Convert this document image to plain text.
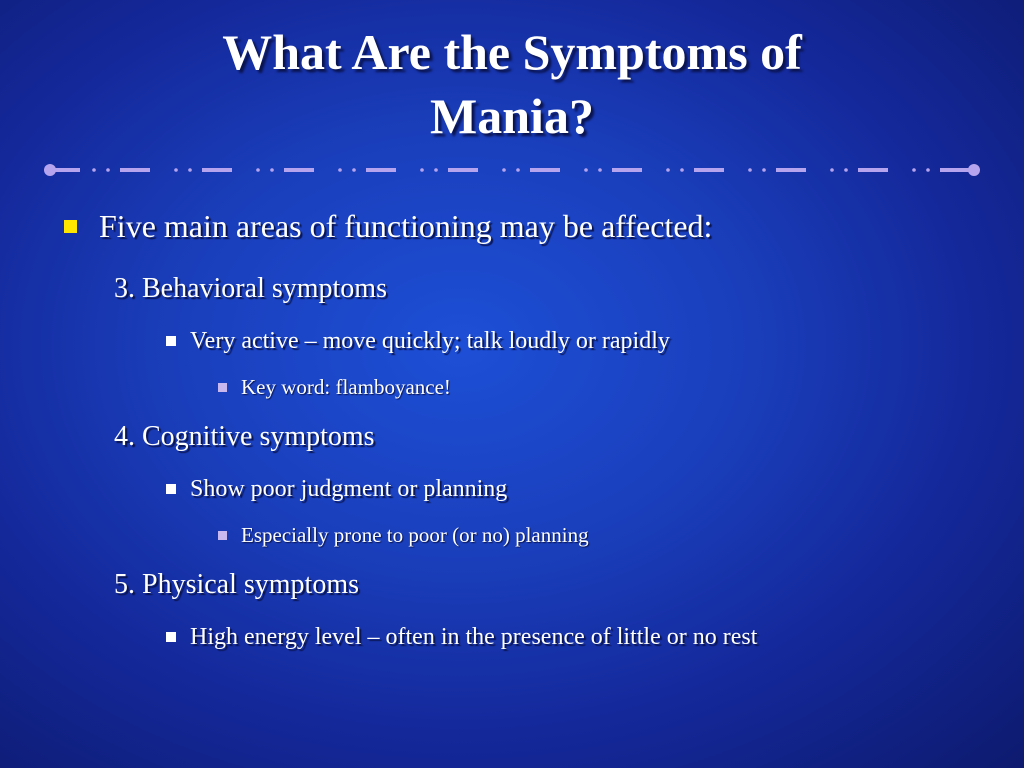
What Are the Symptoms of
Mania?
Five main areas of functioning may be affected:
3. Behavioral symptoms
Very active – move quickly; talk loudly or rapidly
Key word: flamboyance!
4. Cognitive symptoms
Show poor judgment or planning
Especially prone to poor (or no) planning
5. Physical symptoms
High energy level – often in the presence of little or no rest
